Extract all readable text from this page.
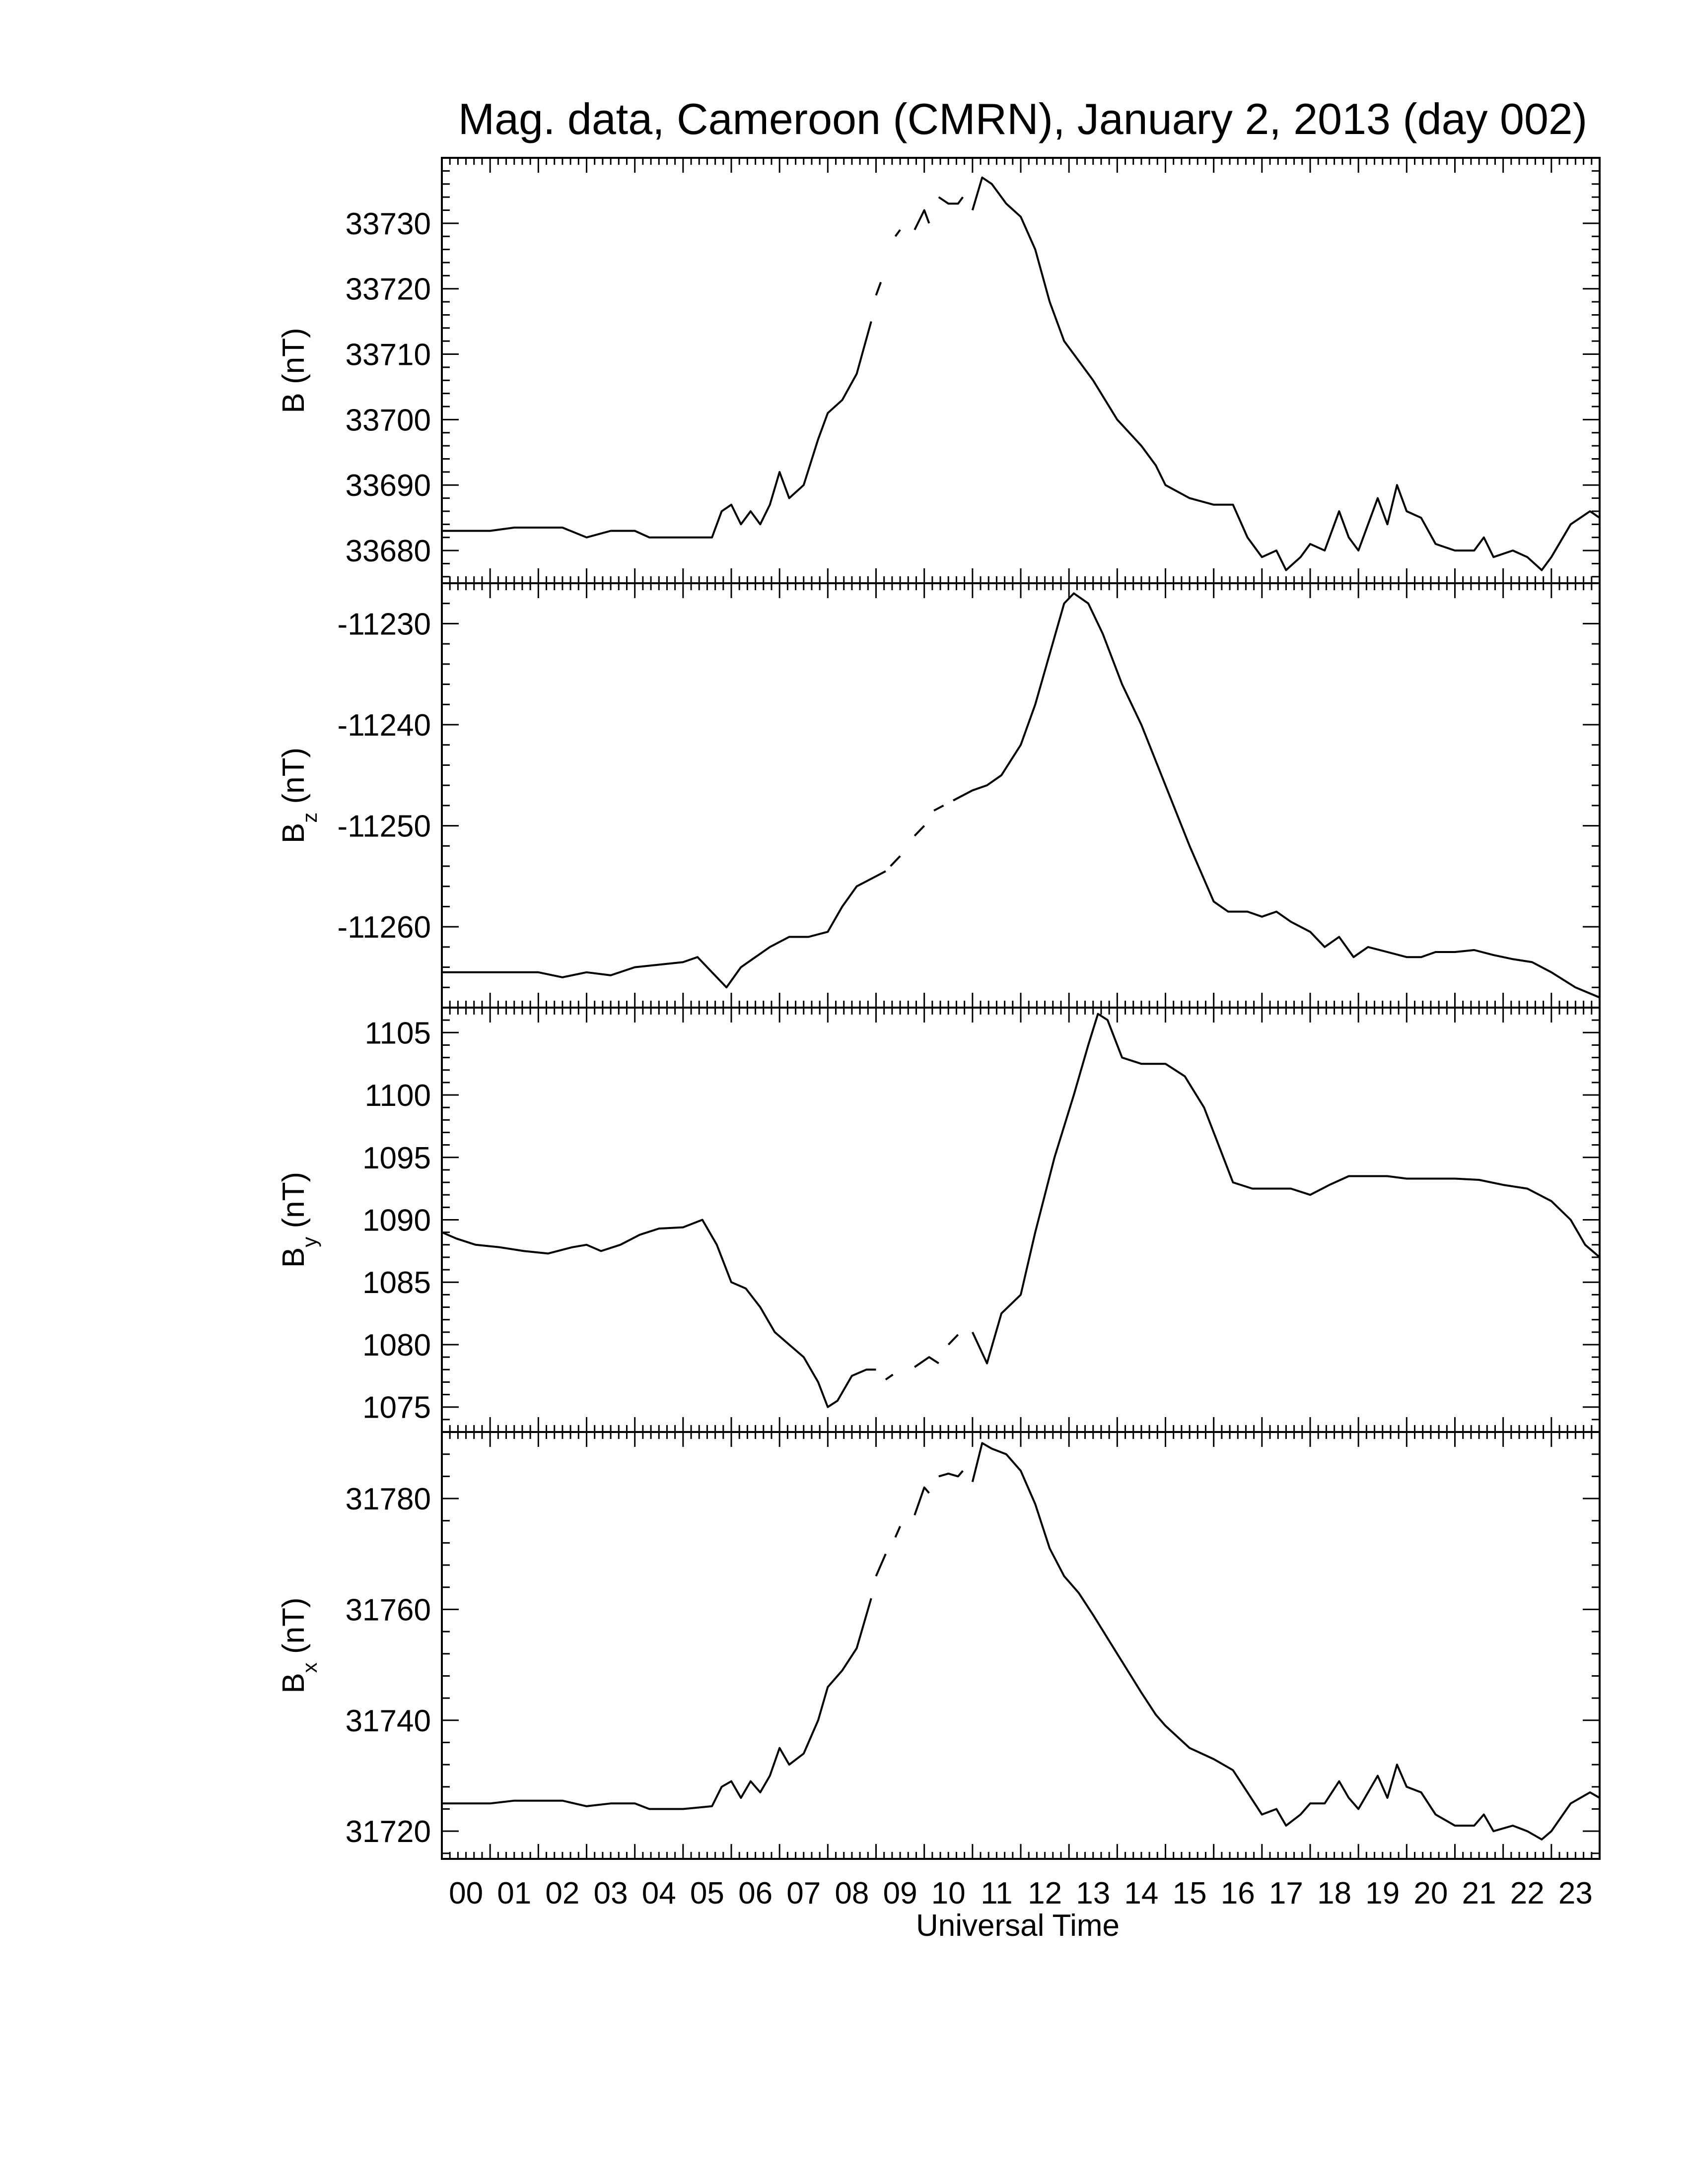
Mag. data, Cameroon (CMRN), January 2, 2013 (day 002)
33680
33690
33700
33710
33720
33730
B (nT)
-11260
-11250
-11240
-11230
$B_z$ (nT)
1075
1080
1085
1090
1095
1100
1105
$B_y$ (nT)
31720
31740
31760
31780
$B_x$ (nT)
00 01 02 03 04 05 06 07 08 09 10 11 12 13 14 15 16 17 18 19 20 21 22 23
Universal Time
